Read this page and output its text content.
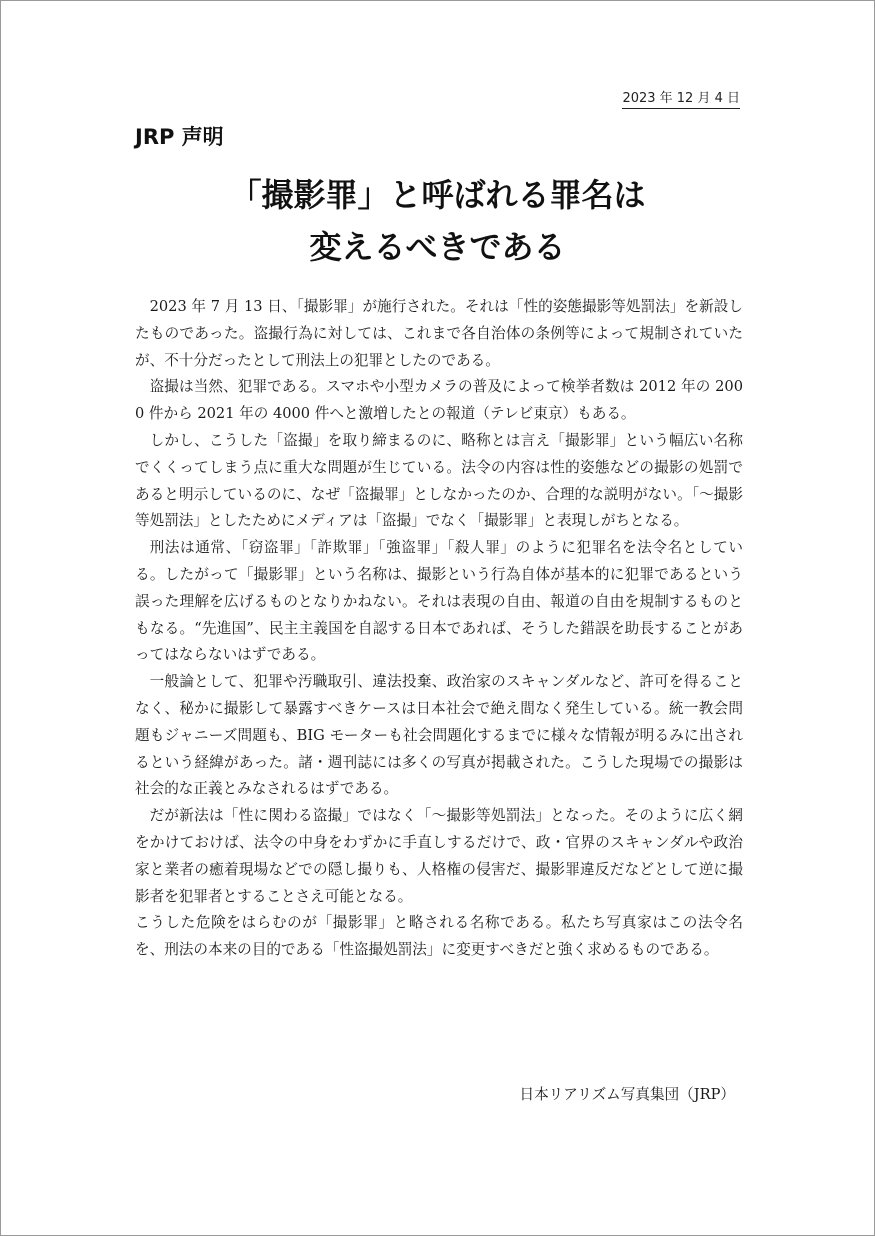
2023 年 12 月 4 日
JRP 声明
「撮影罪」と呼ばれる罪名は
変えるべきである

2023 年 7 月 13 日、「撮影罪」が施行された。それは「性的姿態撮影等処罰法」を新設したものであった。盗撮行為に対しては、これまで各自治体の条例等によって規制されていたが、不十分だったとして刑法上の犯罪としたのである。

盗撮は当然、犯罪である。スマホや小型カメラの普及によって検挙者数は 2012 年の 2000 件から 2021 年の 4000 件へと激増したとの報道（テレビ東京）もある。

しかし、こうした「盗撮」を取り締まるのに、略称とは言え「撮影罪」という幅広い名称でくくってしまう点に重大な問題が生じている。法令の内容は性的姿態などの撮影の処罰であると明示しているのに、なぜ「盗撮罪」としなかったのか、合理的な説明がない。「～撮影等処罰法」としたためにメディアは「盗撮」でなく「撮影罪」と表現しがちとなる。

刑法は通常、「窃盗罪」「詐欺罪」「強盗罪」「殺人罪」のように犯罪名を法令名としている。したがって「撮影罪」という名称は、撮影という行為自体が基本的に犯罪であるという誤った理解を広げるものとなりかねない。それは表現の自由、報道の自由を規制するものともなる。“先進国”、民主主義国を自認する日本であれば、そうした錯誤を助長することがあってはならないはずである。

一般論として、犯罪や汚職取引、違法投棄、政治家のスキャンダルなど、許可を得ることなく、秘かに撮影して暴露すべきケースは日本社会で絶え間なく発生している。統一教会問題もジャニーズ問題も、BIG モーターも社会問題化するまでに様々な情報が明るみに出されるという経緯があった。諸・週刊誌には多くの写真が掲載された。こうした現場での撮影は社会的な正義とみなされるはずである。

だが新法は「性に関わる盗撮」ではなく「～撮影等処罰法」となった。そのように広く網をかけておけば、法令の中身をわずかに手直しするだけで、政・官界のスキャンダルや政治家と業者の癒着現場などでの隠し撮りも、人格権の侵害だ、撮影罪違反だなどとして逆に撮影者を犯罪者とすることさえ可能となる。

こうした危険をはらむのが「撮影罪」と略される名称である。私たち写真家はこの法令名を、刑法の本来の目的である「性盗撮処罰法」に変更すべきだと強く求めるものである。

日本リアリズム写真集団（JRP）
